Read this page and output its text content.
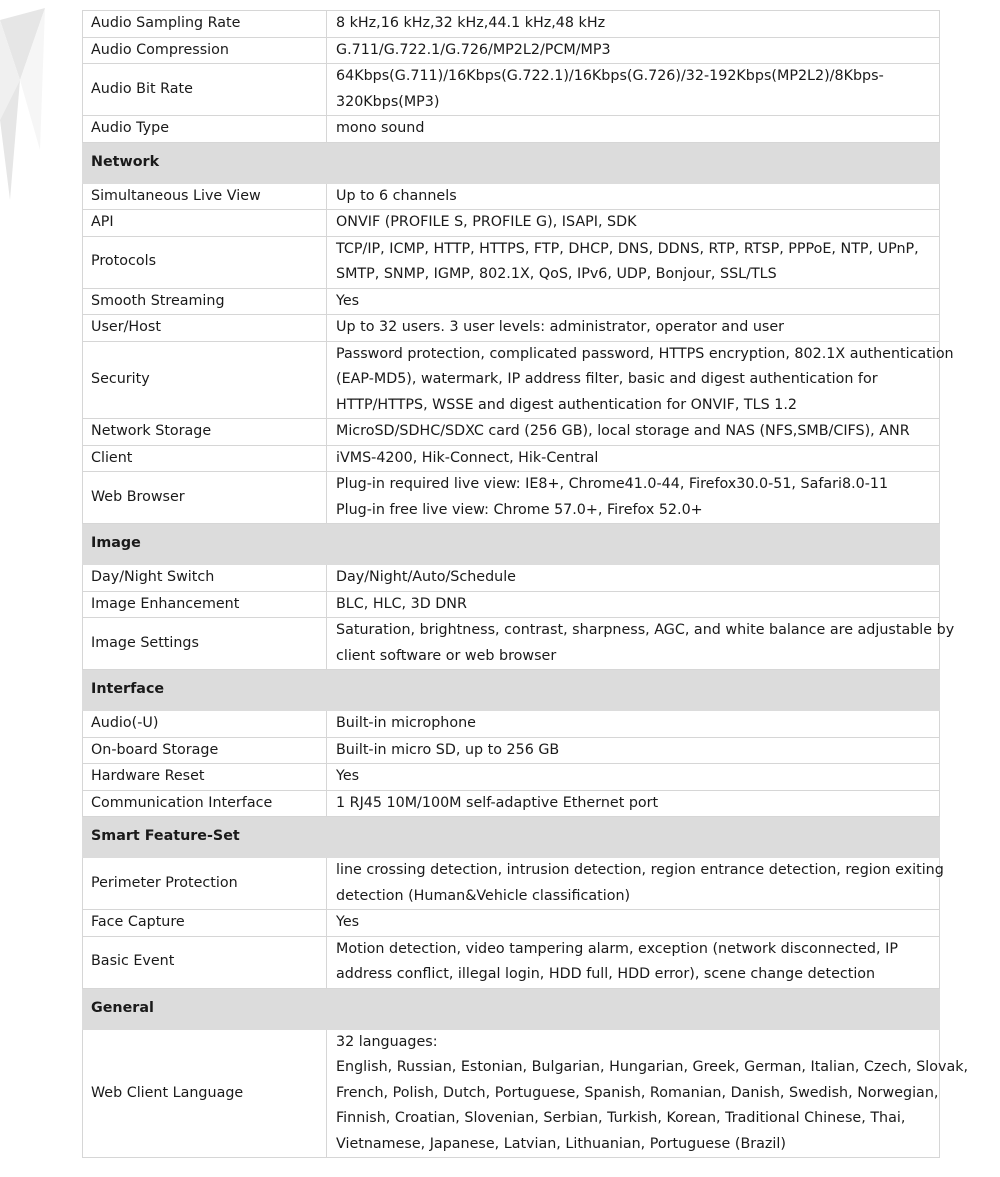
Audio Sampling Rate	8 kHz,16 kHz,32 kHz,44.1 kHz,48 kHz

Audio Compression	G.711/G.722.1/G.726/MP2L2/PCM/MP3

Audio Bit Rate	64Kbps(G.711)/16Kbps(G.722.1)/16Kbps(G.726)/32-192Kbps(MP2L2)/8Kbps-
320Kbps(MP3)

Audio Type	mono sound

Network	
Simultaneous Live View	Up to 6 channels

API	ONVIF (PROFILE S, PROFILE G), ISAPI, SDK

Protocols	TCP/IP, ICMP, HTTP, HTTPS, FTP, DHCP, DNS, DDNS, RTP, RTSP, PPPoE, NTP, UPnP,
SMTP, SNMP, IGMP, 802.1X, QoS, IPv6, UDP, Bonjour, SSL/TLS

Smooth Streaming	Yes

User/Host	Up to 32 users. 3 user levels: administrator, operator and user

Security	Password protection, complicated password, HTTPS encryption, 802.1X authentication
(EAP-MD5), watermark, IP address filter, basic and digest authentication for
HTTP/HTTPS, WSSE and digest authentication for ONVIF, TLS 1.2

Network Storage	MicroSD/SDHC/SDXC card (256 GB), local storage and NAS (NFS,SMB/CIFS), ANR

Client	iVMS-4200, Hik-Connect, Hik-Central

Web Browser	Plug-in required live view: IE8+, Chrome41.0-44, Firefox30.0-51, Safari8.0-11
Plug-in free live view: Chrome 57.0+, Firefox 52.0+

Image	
Day/Night Switch	Day/Night/Auto/Schedule

Image Enhancement	BLC, HLC, 3D DNR

Image Settings	Saturation, brightness, contrast, sharpness, AGC, and white balance are adjustable by
client software or web browser

Interface	
Audio(-U)	Built-in microphone

On-board Storage	Built-in micro SD, up to 256 GB

Hardware Reset	Yes

Communication Interface	1 RJ45 10M/100M self-adaptive Ethernet port

Smart Feature-Set	
Perimeter Protection	line crossing detection, intrusion detection, region entrance detection, region exiting
detection (Human&Vehicle classification)

Face Capture	Yes

Basic Event	Motion detection, video tampering alarm, exception (network disconnected, IP
address conflict, illegal login, HDD full, HDD error), scene change detection

General	
Web Client Language	32 languages:
English, Russian, Estonian, Bulgarian, Hungarian, Greek, German, Italian, Czech, Slovak,
French, Polish, Dutch, Portuguese, Spanish, Romanian, Danish, Swedish, Norwegian,
Finnish, Croatian, Slovenian, Serbian, Turkish, Korean, Traditional Chinese, Thai,
Vietnamese, Japanese, Latvian, Lithuanian, Portuguese (Brazil)
